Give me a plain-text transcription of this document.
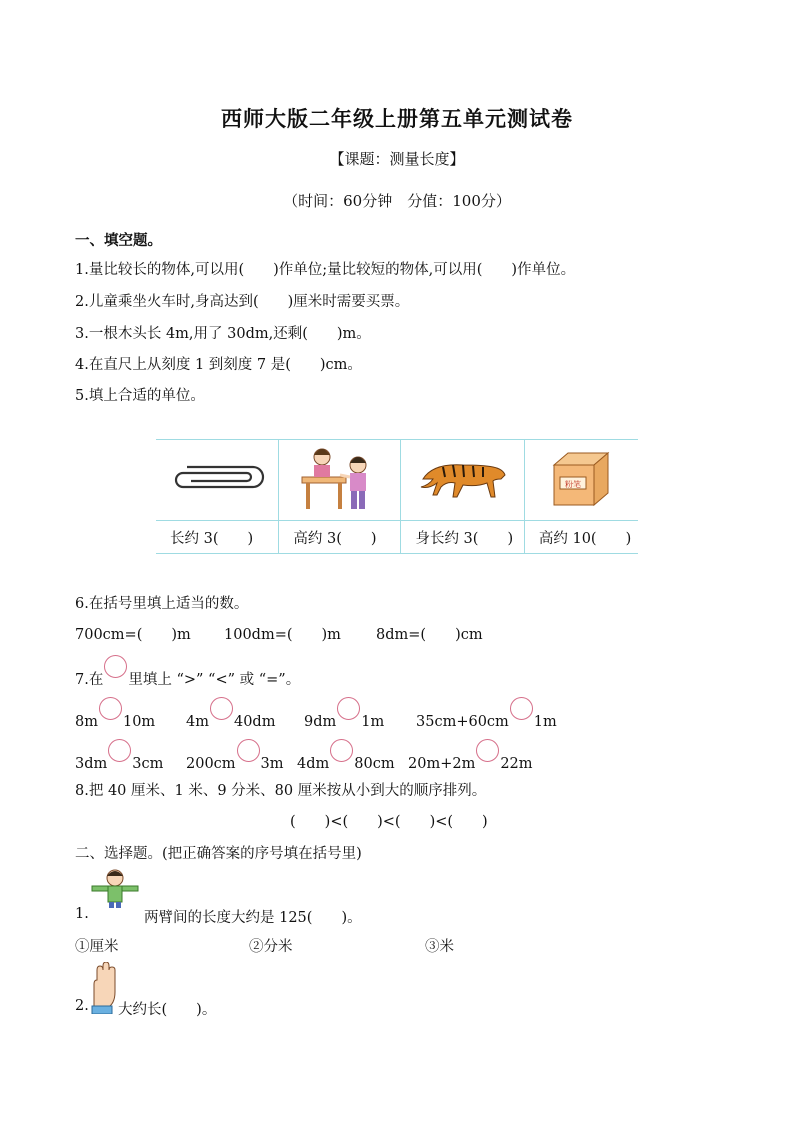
西师大版二年级上册第五单元测试卷
【课题：测量长度】
（时间：60分钟　分值：100分）
一、填空题。
1.量比较长的物体,可以用(　　)作单位;量比较短的物体,可以用(　　)作单位。
2.儿童乘坐火车时,身高达到(　　)厘米时需要买票。
3.一根木头长 4m,用了 30dm,还剩(　　)m。
4.在直尺上从刻度 1 到刻度 7 是(　　)cm。
5.填上合适的单位。

粉笔

长约 3(　　)	高约 3(　　)	身长约 3(　　)	高约 10(　　)
6.在括号里填上适当的数。
700cm=(　　)m 100dm=(　　)m 8dm=(　　)cm
7.在 里填上 “>” “<” 或 “=”。
8m 10m 4m 40dm 9dm 1m 35cm+60cm 1m
3dm 3cm 200cm 3m 4dm 80cm 20m+2m 22m
8.把 40 厘米、1 米、9 分米、80 厘米按从小到大的顺序排列。
(　　)<(　　)<(　　)<(　　)
二、选择题。(把正确答案的序号填在括号里)
1.	两臂间的长度大约是 125(　　)。
①厘米	②分米	③米
2. 大约长(　　)。
